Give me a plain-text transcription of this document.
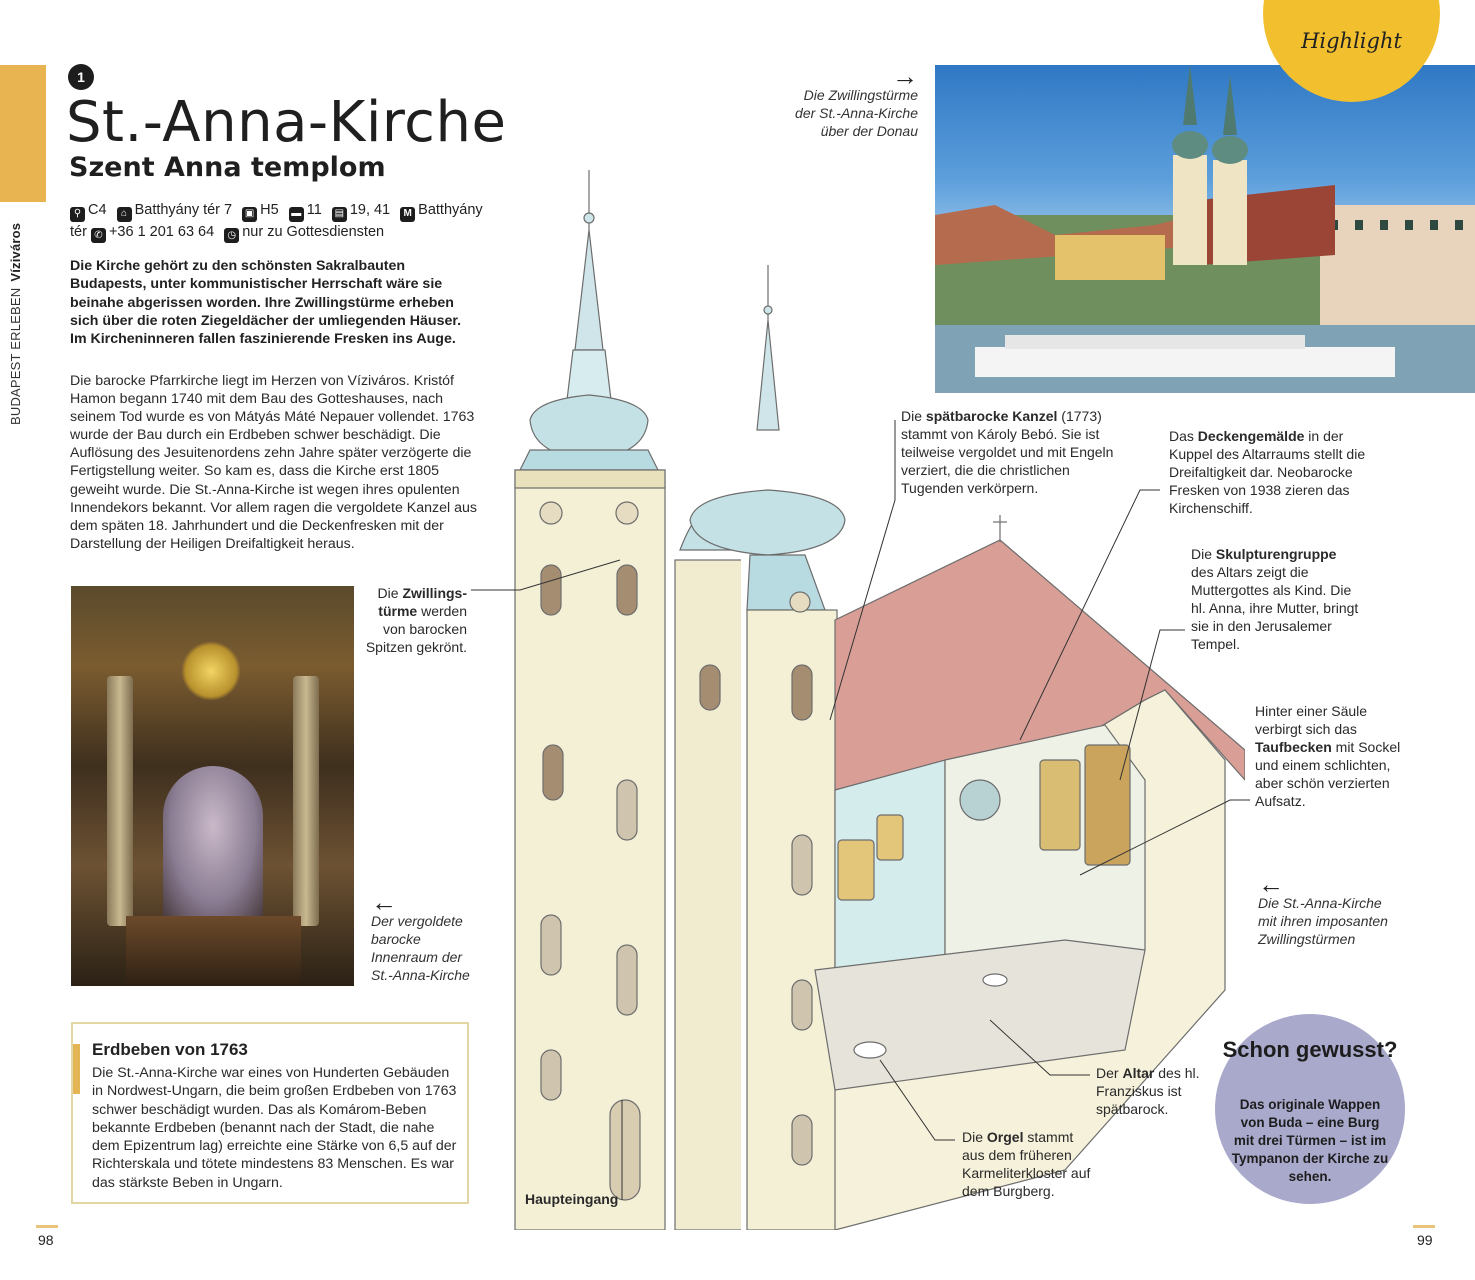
BUDAPEST ERLEBENVíziváros
1
St.-Anna-Kirche
Szent Anna templom
⚲ C4 ⌂ Batthyány tér 7 ▣ H5 ▬ 11 ▤ 19, 41 M Batthyány tér ✆ +36 1 201 63 64 ◷ nur zu Gottesdiensten

Die Kirche gehört zu den schönsten Sakralbauten Budapests, unter kommunistischer Herrschaft wäre sie beinahe abgerissen worden. Ihre Zwillingstürme erheben sich über die roten Ziegeldächer der umliegenden Häuser. Im Kircheninneren fallen faszinierende Fresken ins Auge.

Die barocke Pfarrkirche liegt im Herzen von Víziváros. Kristóf Hamon begann 1740 mit dem Bau des Gotteshauses, nach seinem Tod wurde es von Mátyás Máté Nepauer vollendet. 1763 wurde der Bau durch ein Erdbeben schwer beschädigt. Die Auflösung des Jesuitenordens zehn Jahre später verzögerte die Fertigstellung weiter. So kam es, dass die Kirche erst 1805 geweiht wurde. Die St.-Anna-Kirche ist wegen ihres opulenten Innendekors bekannt. Vor allem ragen die vergoldete Kanzel aus dem späten 18. Jahrhundert und die Deckenfresken mit der Darstellung der Heiligen Dreifaltigkeit heraus.

Die Zwillingstürme werden von barocken Spitzen gekrönt.
←
Der vergoldete barocke Innenraum der St.-Anna-Kirche
Erdbeben von 1763
Die St.-Anna-Kirche war eines von Hunderten Gebäuden in Nordwest-Ungarn, die beim großen Erdbeben von 1763 schwer beschädigt wurden. Das als Komárom-Beben bekannte Erdbeben (benannt nach der Stadt, die nahe dem Epizentrum lag) erreichte eine Stärke von 6,5 auf der Richterskala und tötete mindestens 83 Menschen. Es war das stärkste Beben in Ungarn.
98
→
Die Zwillingstürme der St.-Anna-Kirche über der Donau
Highlight
Die spätbarocke Kanzel (1773) stammt von Károly Bebó. Sie ist teilweise vergoldet und mit Engeln verziert, die die christlichen Tugenden verkörpern.
Das Deckengemälde in der Kuppel des Altarraums stellt die Dreifaltigkeit dar. Neobarocke Fresken von 1938 zieren das Kirchenschiff.
Die Skulpturengruppe des Altars zeigt die Muttergottes als Kind. Die hl. Anna, ihre Mutter, bringt sie in den Jerusalemer Tempel.
Hinter einer Säule verbirgt sich das Taufbecken mit Sockel und einem schlichten, aber schön verzierten Aufsatz.
←
Die St.-Anna-Kirche mit ihren imposanten Zwillingstürmen
Der Altar des hl. Franziskus ist spätbarock.
Die Orgel stammt aus dem früheren Karmeliterkloster auf dem Burgberg.
Haupteingang
Schon gewusst?
Das originale Wappen von Buda – eine Burg mit drei Türmen – ist im Tympanon der Kirche zu sehen.
99
